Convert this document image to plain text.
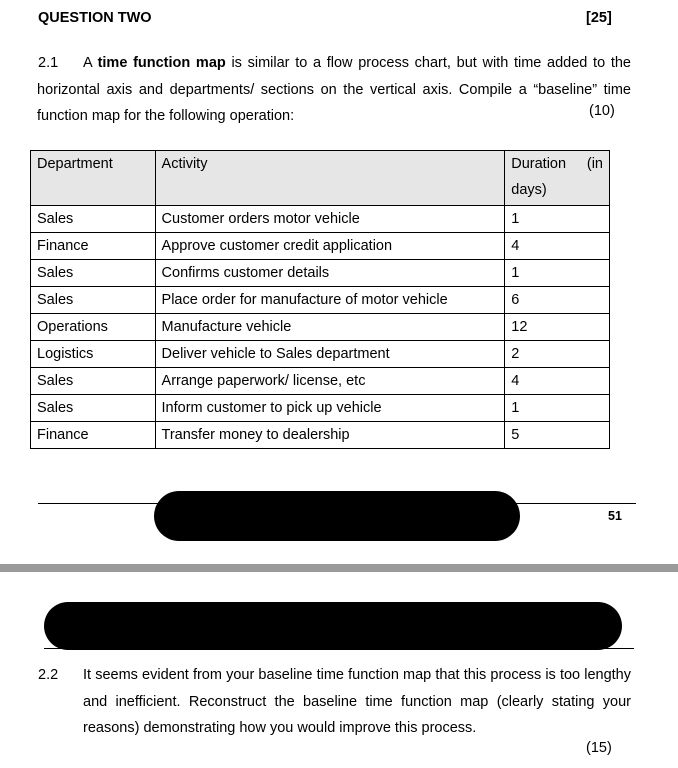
QUESTION TWO	[25]
2.1	A time function map is similar to a flow process chart, but with time added to the horizontal axis and departments/ sections on the vertical axis. Compile a “baseline” time function map for the following operation:	(10)
Department	Activity	Duration (in
days)

Sales	Customer orders motor vehicle	1
Finance	Approve customer credit application	4
Sales	Confirms customer details	1
Sales	Place order for manufacture of motor vehicle	6
Operations	Manufacture vehicle	12
Logistics	Deliver vehicle to Sales department	2
Sales	Arrange paperwork/ license, etc	4
Sales	Inform customer to pick up vehicle	1
Finance	Transfer money to dealership	5
51
2.2 It seems evident from your baseline time function map that this process is too lengthy and inefficient. Reconstruct the baseline time function map (clearly stating your reasons) demonstrating how you would improve this process.
(15)
